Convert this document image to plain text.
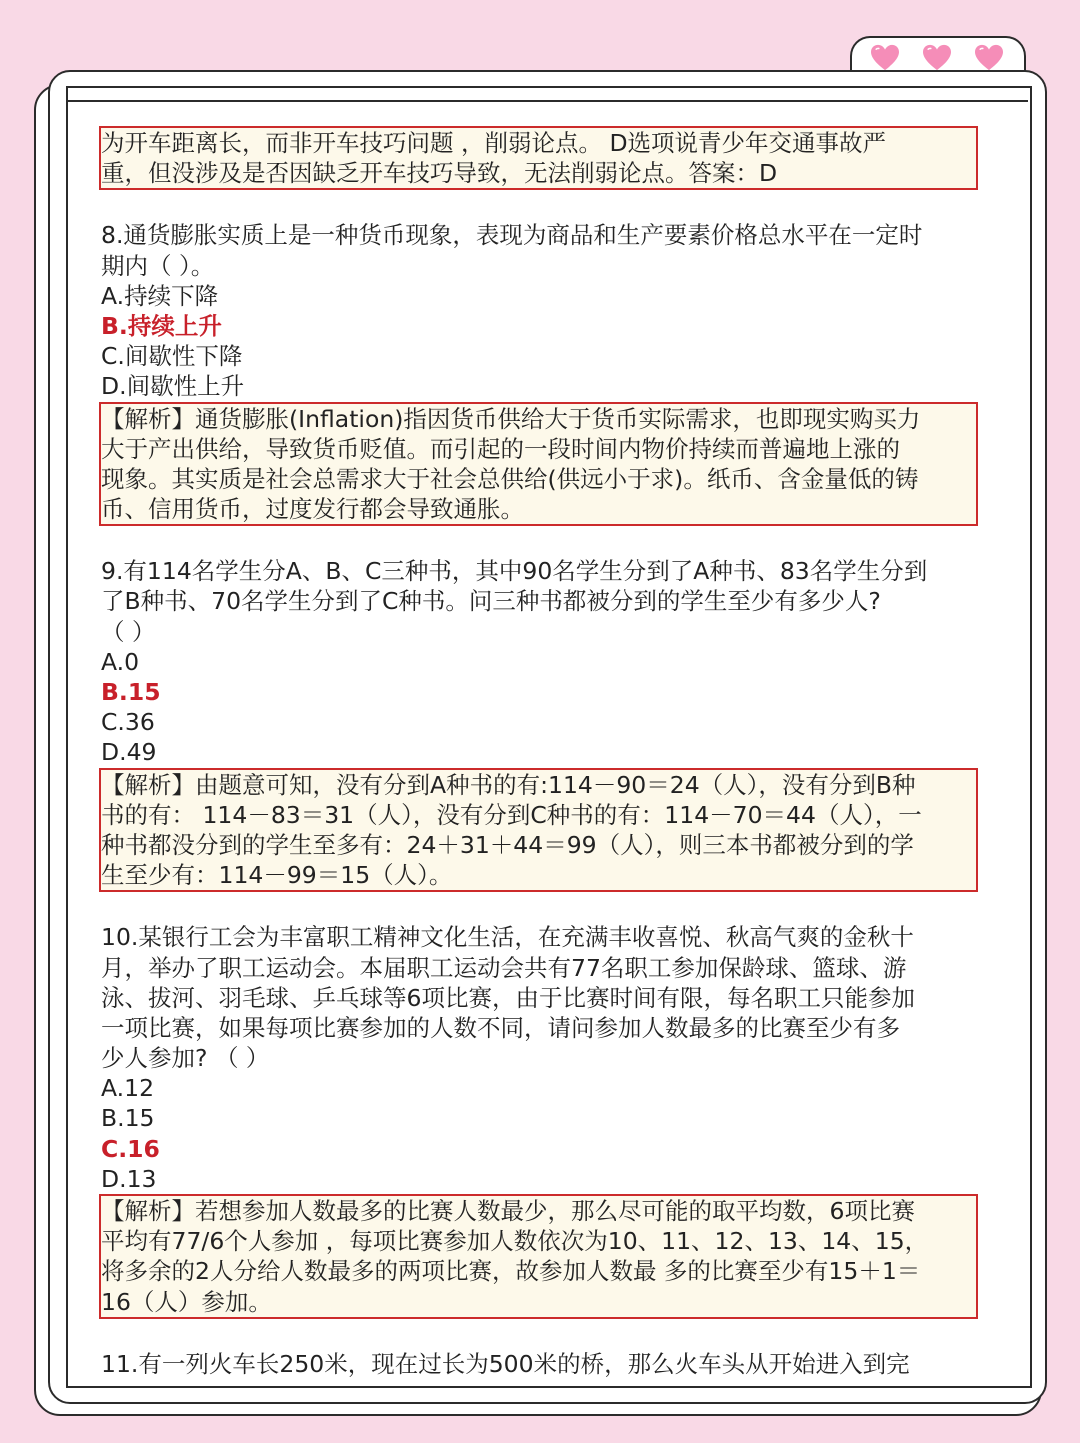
为开车距离长，而非开车技巧问题 ，削弱论点。 D选项说青少年交通事故严
重，但没涉及是否因缺乏开车技巧导致，无法削弱论点。答案：D
8.通货膨胀实质上是一种货币现象，表现为商品和生产要素价格总水平在一定时
期内（ ）。
A.持续下降
B.持续上升
C.间歇性下降
D.间歇性上升
【解析】通货膨胀(Inflation)指因货币供给大于货币实际需求，也即现实购买力
大于产出供给，导致货币贬值。而引起的一段时间内物价持续而普遍地上涨的
现象。其实质是社会总需求大于社会总供给(供远小于求)。纸币、含金量低的铸
币、信用货币，过度发行都会导致通胀。
9.有114名学生分A、B、C三种书，其中90名学生分到了A种书、83名学生分到
了B种书、70名学生分到了C种书。问三种书都被分到的学生至少有多少人?
（ ）
A.0
B.15
C.36
D.49
【解析】由题意可知，没有分到A种书的有:114－90＝24（人），没有分到B种
书的有： 114－83＝31（人），没有分到C种书的有：114－70＝44（人），一
种书都没分到的学生至多有：24＋31＋44＝99（人），则三本书都被分到的学
生至少有：114－99＝15（人）。
10.某银行工会为丰富职工精神文化生活，在充满丰收喜悦、秋高气爽的金秋十
月，举办了职工运动会。本届职工运动会共有77名职工参加保龄球、篮球、游
泳、拔河、羽毛球、乒乓球等6项比赛，由于比赛时间有限，每名职工只能参加
一项比赛，如果每项比赛参加的人数不同，请问参加人数最多的比赛至少有多
少人参加? （ ）
A.12
B.15
C.16
D.13
【解析】若想参加人数最多的比赛人数最少，那么尽可能的取平均数，6项比赛
平均有77/6个人参加 ，每项比赛参加人数依次为10、11、12、13、14、15，
将多余的2人分给人数最多的两项比赛，故参加人数最 多的比赛至少有15＋1＝
16（人）参加。
11.有一列火车长250米，现在过长为500米的桥，那么火车头从开始进入到完
